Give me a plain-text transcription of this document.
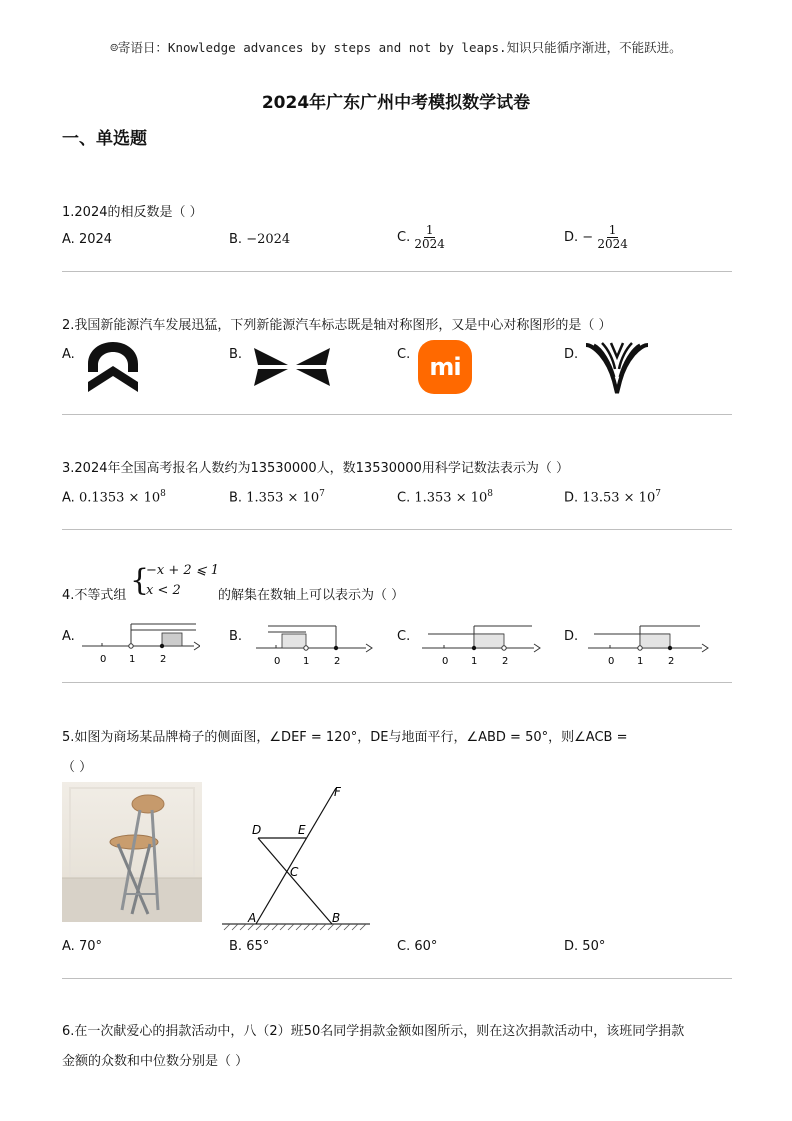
☺寄语日：Knowledge advances by steps and not by leaps.知识只能循序渐进，不能跃进。
2024年广东广州中考模拟数学试卷
一、单选题
1.2024的相反数是（ ）
A. 2024	B. −2024	C. $\frac{1}{2024}$	D. − $\frac{1}{2024}$
2.我国新能源汽车发展迅猛，下列新能源汽车标志既是轴对称图形，又是中心对称图形的是（ ）
A.	B.	C. mi	D.
3.2024年全国高考报名人数约为13530000人，数13530000用科学记数法表示为（ ）
A. $0.1353 \times 10^8$	B. $1.353 \times 10^7$	C. $1.353 \times 10^8$	D. $13.53 \times 10^7$
4.不等式组 {
−x + 2 ⩽ 1
x < 2	的解集在数轴上可以表示为（ ）
A.
0 1 2
B.
0 1 2
C.
0 1 2
D.
0 1 2
5.如图为商场某品牌椅子的侧面图，∠DEF = 120°，DE与地面平行，∠ABD = 50°，则∠ACB =
（ ）
F
D	E
C
A	B
A. 70°	B. 65°	C. 60°	D. 50°
6.在一次献爱心的捐款活动中，八（2）班50名同学捐款金额如图所示，则在这次捐款活动中，该班同学捐款
金额的众数和中位数分别是（ ）
